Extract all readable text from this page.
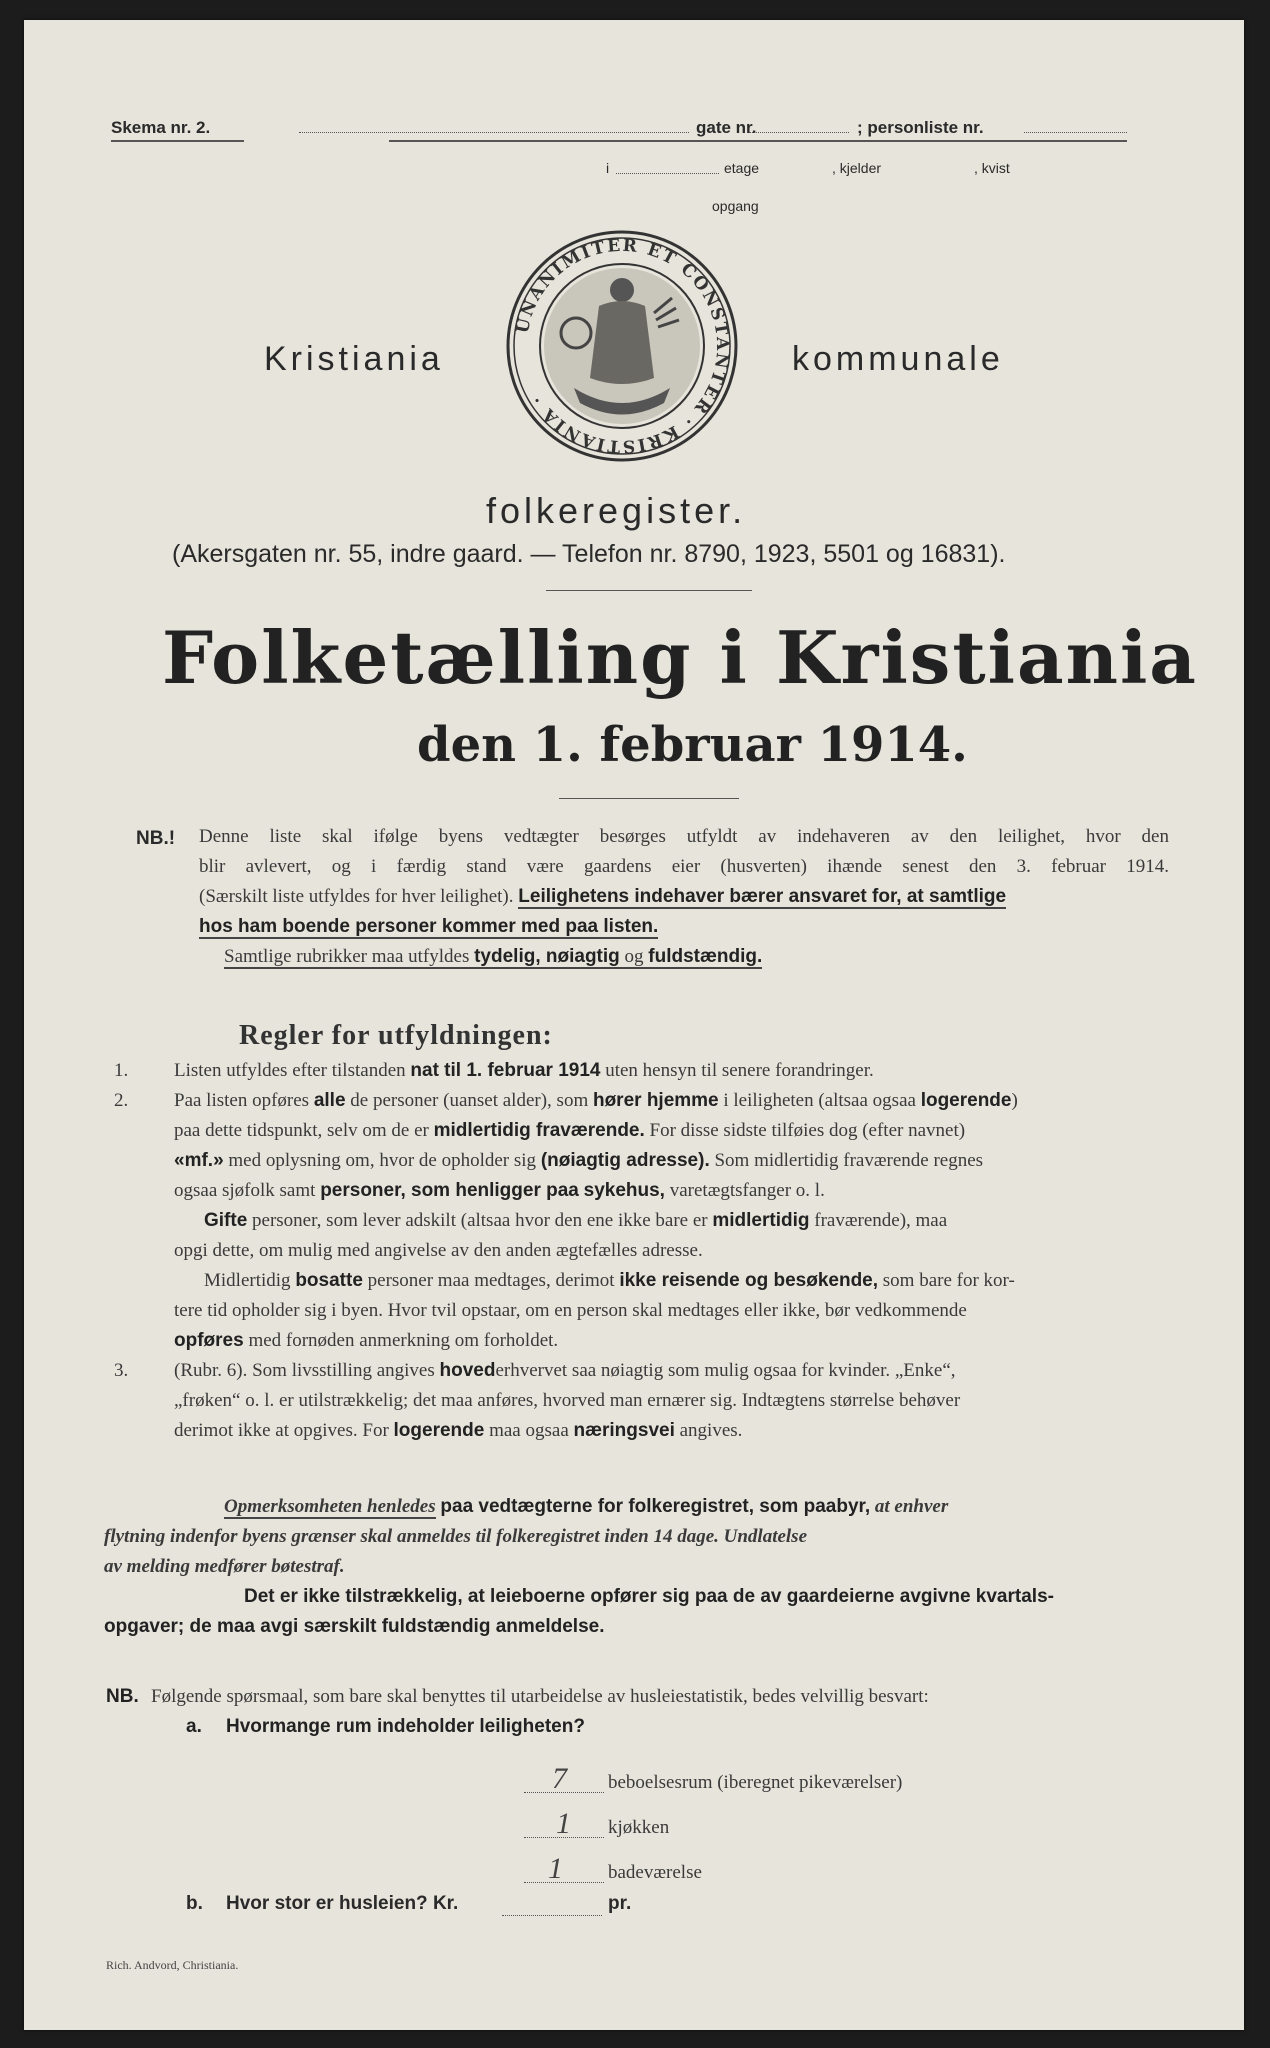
Skema nr. 2.	gate nr.	; personliste nr.
i	etage	, kjelder	, kvist
opgang
UNANIMITER ET CONSTANTER · KRISTIANIA ·
Kristiania	kommunale
folkeregister.
(Akersgaten nr. 55, indre gaard. — Telefon nr. 8790, 1923, 5501 og 16831).
Folketælling i Kristiania
den 1. februar 1914.
NB.! Denne liste skal ifølge byens vedtægter besørges utfyldt av indehaveren av den leilighet, hvor den
blir avlevert, og i færdig stand være gaardens eier (husverten) ihænde senest den 3. februar 1914.
(Særskilt liste utfyldes for hver leilighet). Leilighetens indehaver bærer ansvaret for, at samtlige
hos ham boende personer kommer med paa listen.
Samtlige rubrikker maa utfyldes tydelig, nøiagtig og fuldstændig.
Regler for utfyldningen:
1. Listen utfyldes efter tilstanden nat til 1. februar 1914 uten hensyn til senere forandringer.
2. Paa listen opføres alle de personer (uanset alder), som hører hjemme i leiligheten (altsaa ogsaa logerende)
paa dette tidspunkt, selv om de er midlertidig fraværende. For disse sidste tilføies dog (efter navnet)
«mf.» med oplysning om, hvor de opholder sig (nøiagtig adresse). Som midlertidig fraværende regnes
ogsaa sjøfolk samt personer, som henligger paa sykehus, varetægtsfanger o. l.
Gifte personer, som lever adskilt (altsaa hvor den ene ikke bare er midlertidig fraværende), maa
opgi dette, om mulig med angivelse av den anden ægtefælles adresse.
Midlertidig bosatte personer maa medtages, derimot ikke reisende og besøkende, som bare for kor-
tere tid opholder sig i byen. Hvor tvil opstaar, om en person skal medtages eller ikke, bør vedkommende
opføres med fornøden anmerkning om forholdet.
3. (Rubr. 6). Som livsstilling angives hovederhvervet saa nøiagtig som mulig ogsaa for kvinder. „Enke“,
„frøken“ o. l. er utilstrækkelig; det maa anføres, hvorved man ernærer sig. Indtægtens størrelse behøver
derimot ikke at opgives. For logerende maa ogsaa næringsvei angives.
Opmerksomheten henledes paa vedtægterne for folkeregistret, som paabyr, at enhver
flytning indenfor byens grænser skal anmeldes til folkeregistret inden 14 dage. Undlatelse
av melding medfører bøtestraf.
Det er ikke tilstrækkelig, at leieboerne opfører sig paa de av gaardeierne avgivne kvartals-
opgaver; de maa avgi særskilt fuldstændig anmeldelse.
NB. Følgende spørsmaal, som bare skal benyttes til utarbeidelse av husleiestatistik, bedes velvillig besvart:
a. Hvormange rum indeholder leiligheten?
7 beboelsesrum (iberegnet pikeværelser)
1 kjøkken
1 badeværelse
b. Hvor stor er husleien? Kr.	pr.
Rich. Andvord, Christiania.
